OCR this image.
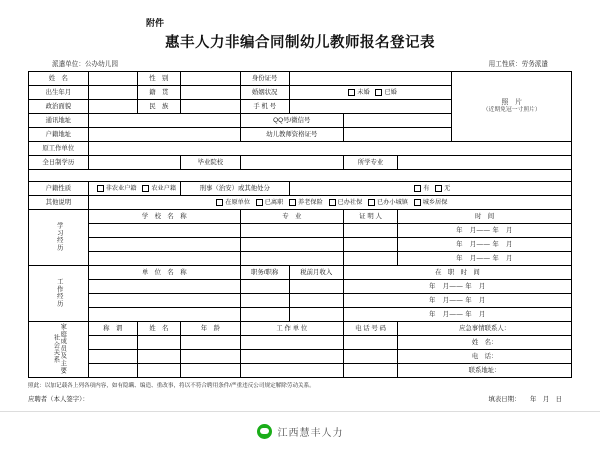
附件
惠丰人力非编合同制幼儿教师报名登记表
派遣单位：公办幼儿园	用工性质：劳务派遣
姓　名		性　别		身份证号				照　片
（近期免冠一寸照片）

出生年月		籍　贯		婚姻状况	未婚 已婚			
政治面貌		民　族		手 机 号				
通讯地址				QQ号/微信号				
户籍地址				幼儿教师资格证号				
原工作单位								
全日制学历			毕业院校			所学专业		

户籍性质	非农业户籍 农业户籍		刑事（治安）或其他处分		有 无			
其他说明	在原单位 已离职 养老保险 已办社保 已办小城镇 城乡居保							
学习经历	学　校　名　称			专　业		证 明 人	时　间	
							年　月—— 年　月	
							年　月—— 年　月	
							年　月—— 年　月	
工作经历	单　位　名　称			职务/职称	税前月收入	在　职　时　间		
						年　月—— 年　月		
						年　月—— 年　月		
						年　月—— 年　月		
家庭成员及主要社会关系	称　谓	姓　名	年　龄	工 作 单 位		电 话 号 码	应急事情联系人：	
							姓　名：	
							电　话：	
							联系地址：	
照此：以加记载各上列各项内容，如有隐瞒、编造、重改事，将以不符合聘用条件/严重违反公司规定解除劳动关系。
应聘者（本人签字）：	填表日期：　　年　月　日
江西慧丰人力
